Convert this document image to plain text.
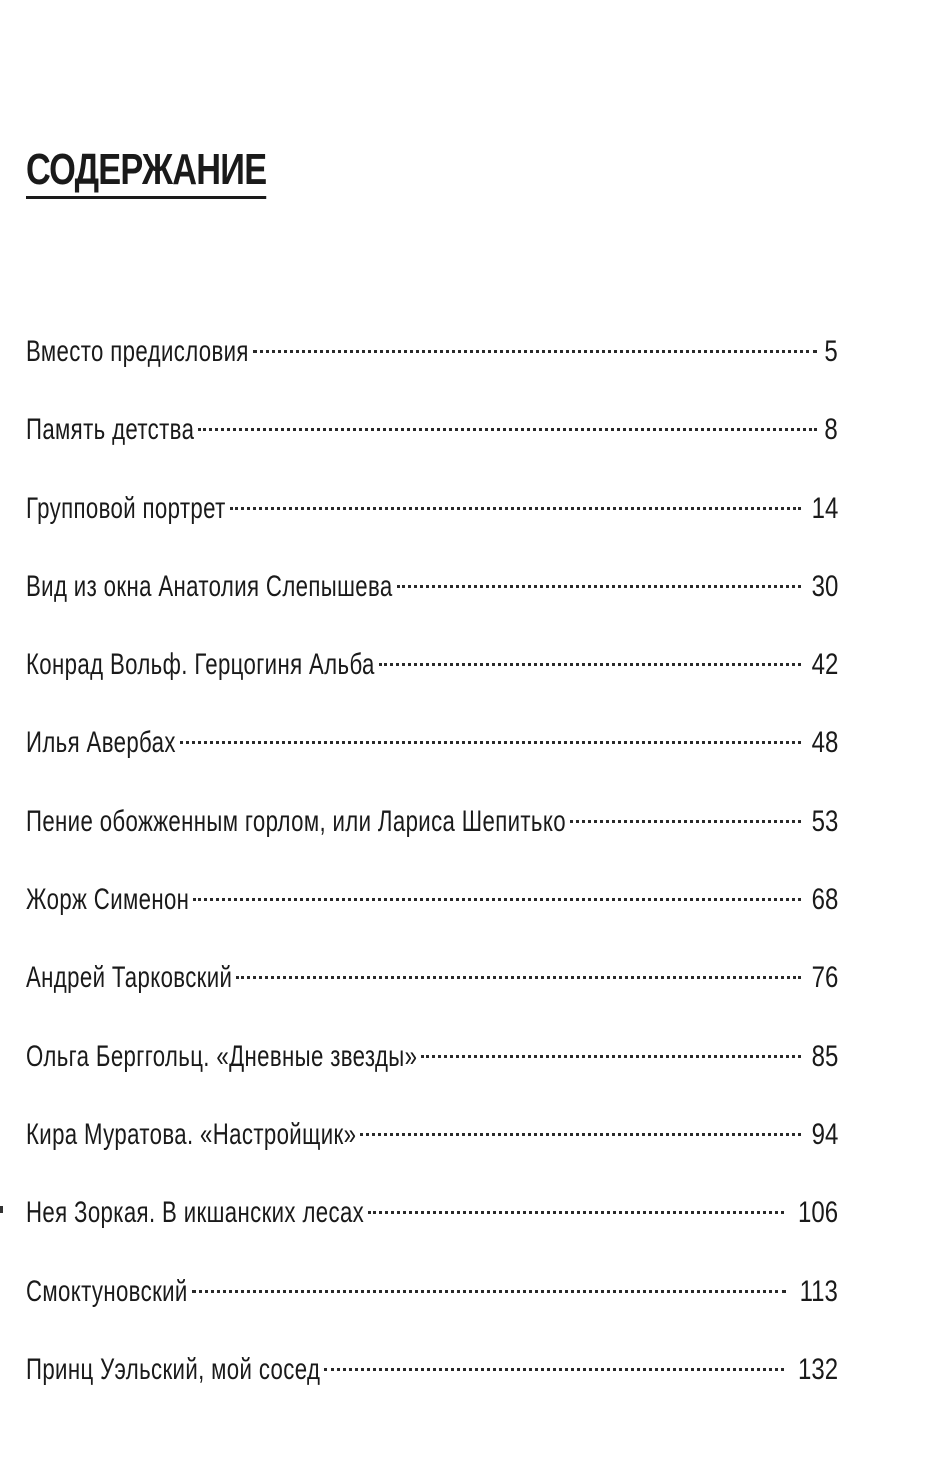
СОДЕРЖАНИЕ
Вместо предисловия	5
Память детства	8
Групповой портрет	14
Вид из окна Анатолия Слепышева	30
Конрад Вольф. Герцогиня Альба	42
Илья Авербах	48
Пение обожженным горлом, или Лариса Шепитько	53
Жорж Сименон	68
Андрей Тарковский	76
Ольга Берггольц. «Дневные звезды»	85
Кира Муратова. «Настройщик»	94
Нея Зоркая. В икшанских лесах	106
Смоктуновский	113
Принц Уэльский, мой сосед	132
